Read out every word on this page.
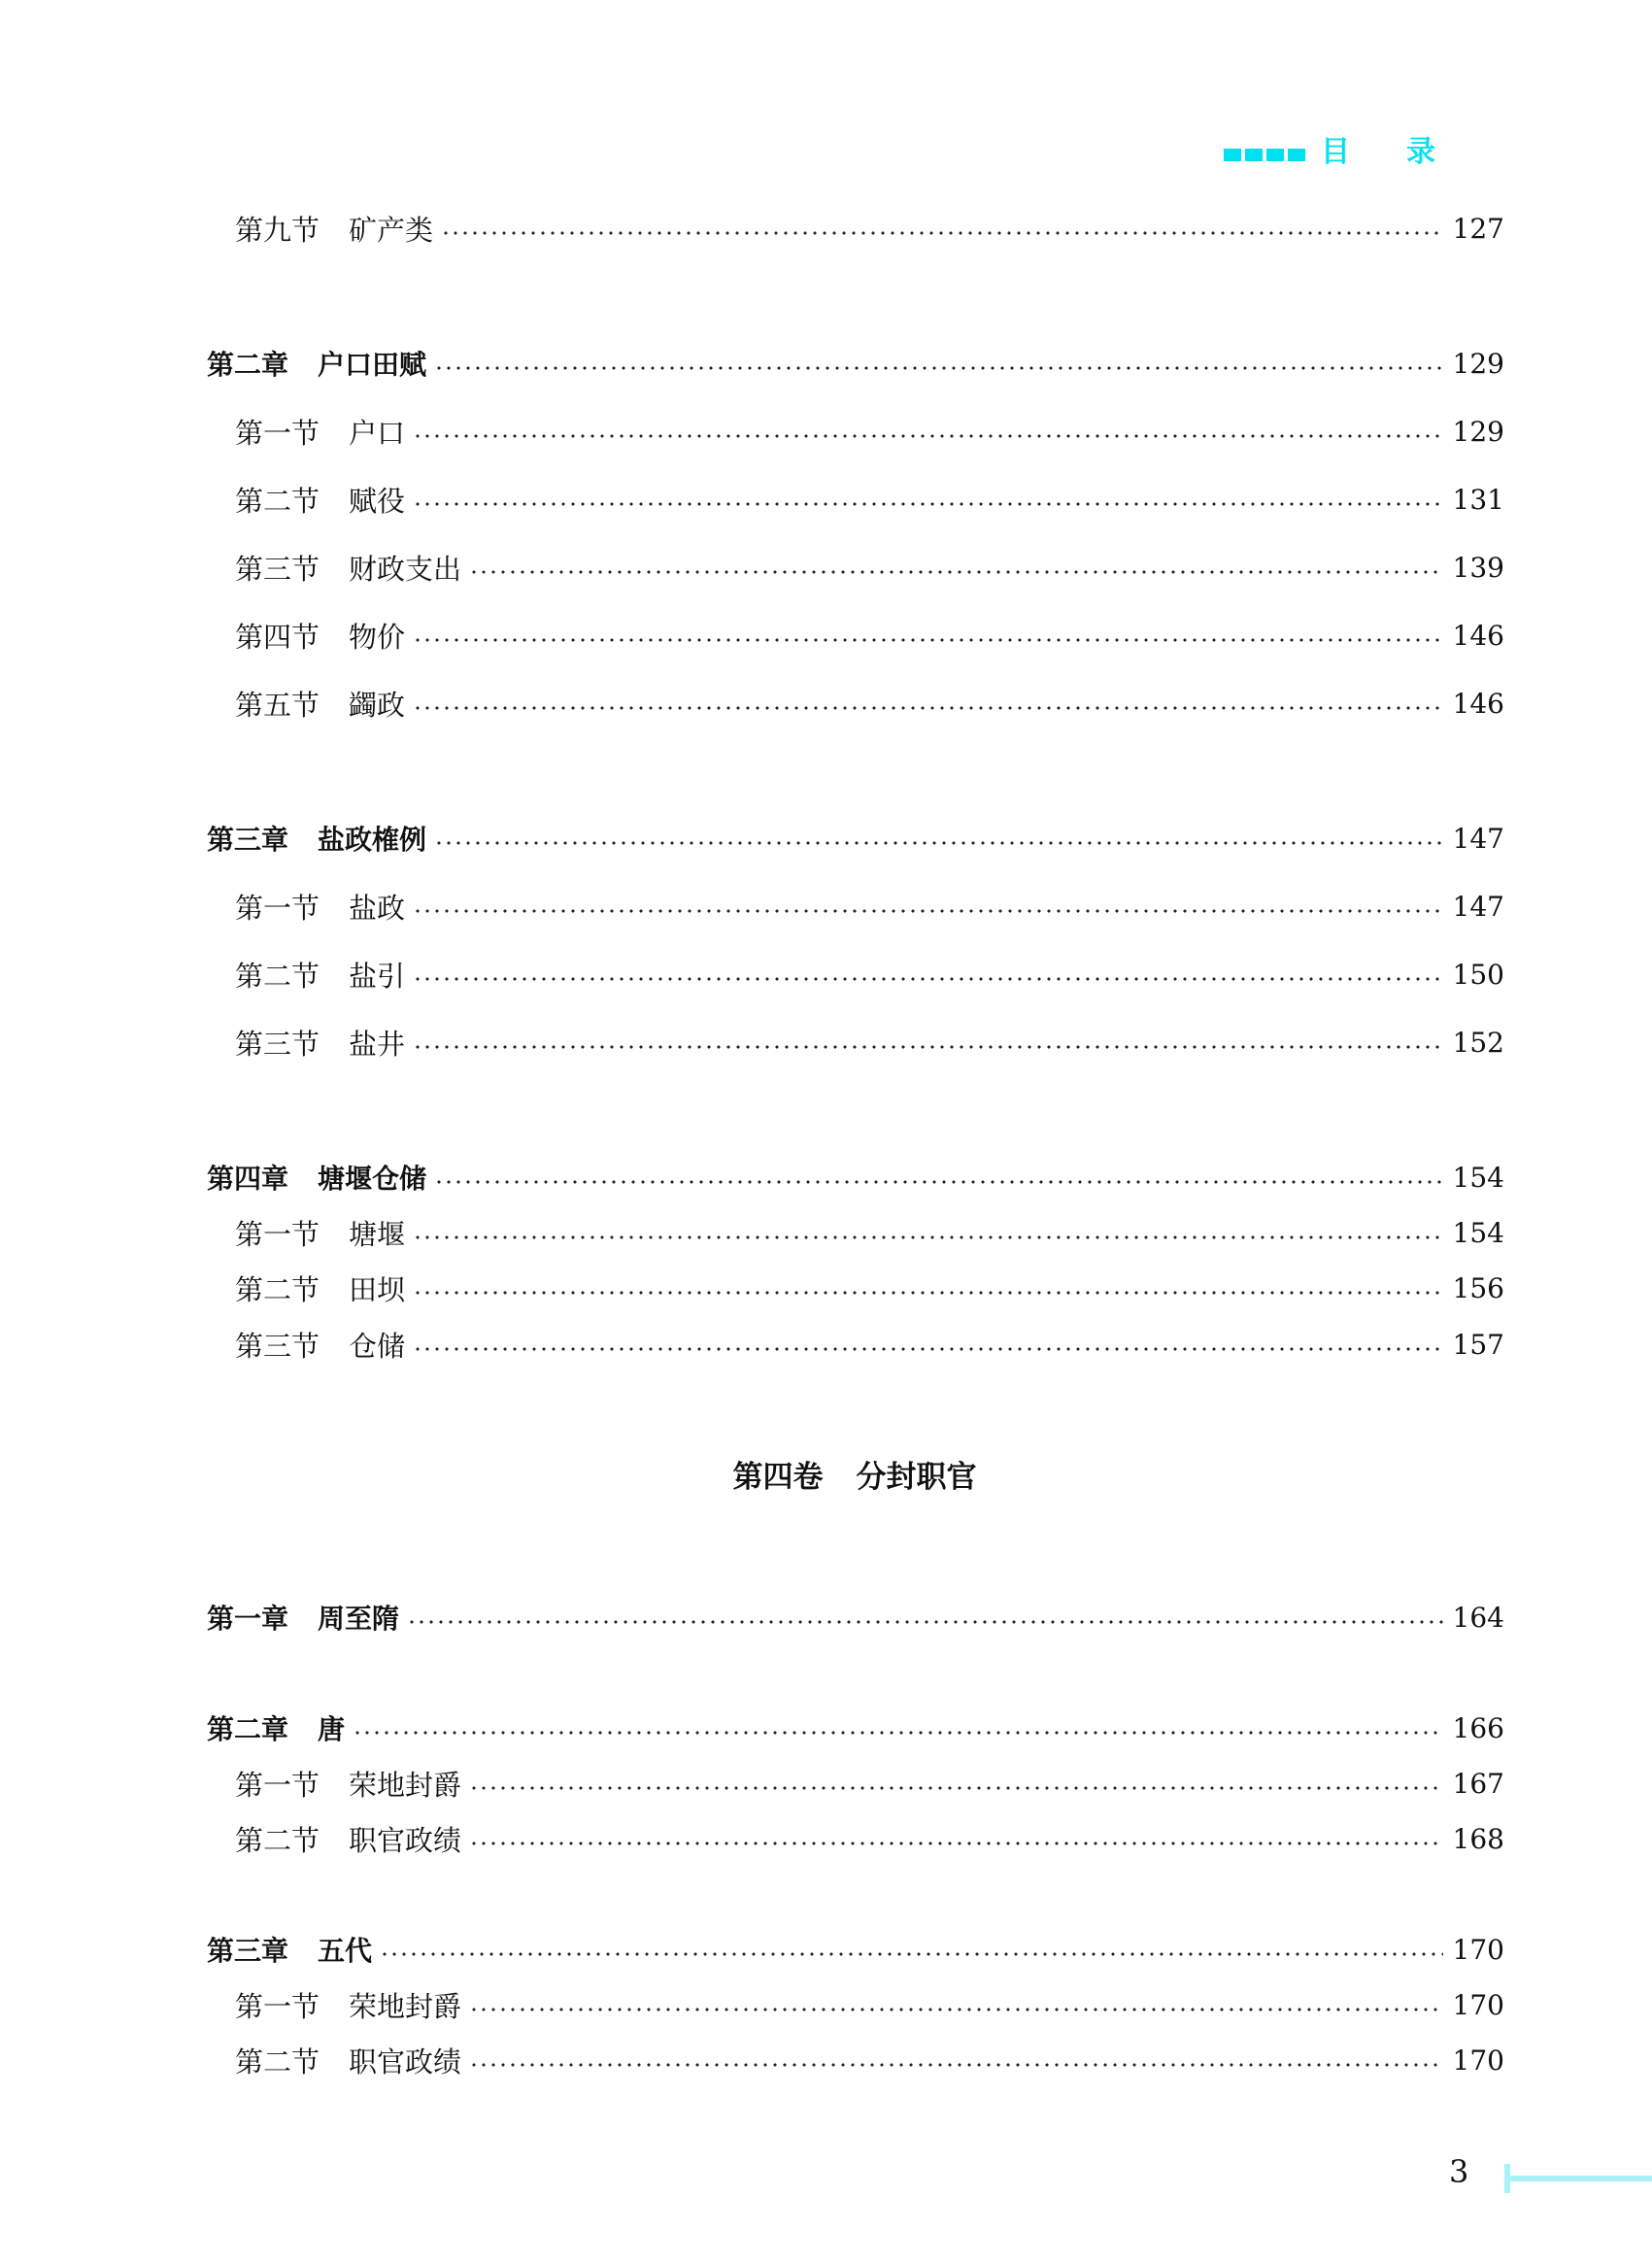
目录
第九节 矿产类	127
第二章 户口田赋	129
第一节 户口	129
第二节 赋役	131
第三节 财政支出	139
第四节 物价	146
第五节 蠲政	146
第三章 盐政榷例	147
第一节 盐政	147
第二节 盐引	150
第三节 盐井	152
第四章 塘堰仓储	154
第一节 塘堰	154
第二节 田坝	156
第三节 仓储	157
第一章 周至隋	164
第二章 唐	166
第一节 荣地封爵	167
第二节 职官政绩	168
第三章 五代	170
第一节 荣地封爵	170
第二节 职官政绩	170
第四卷 分封职官
3
